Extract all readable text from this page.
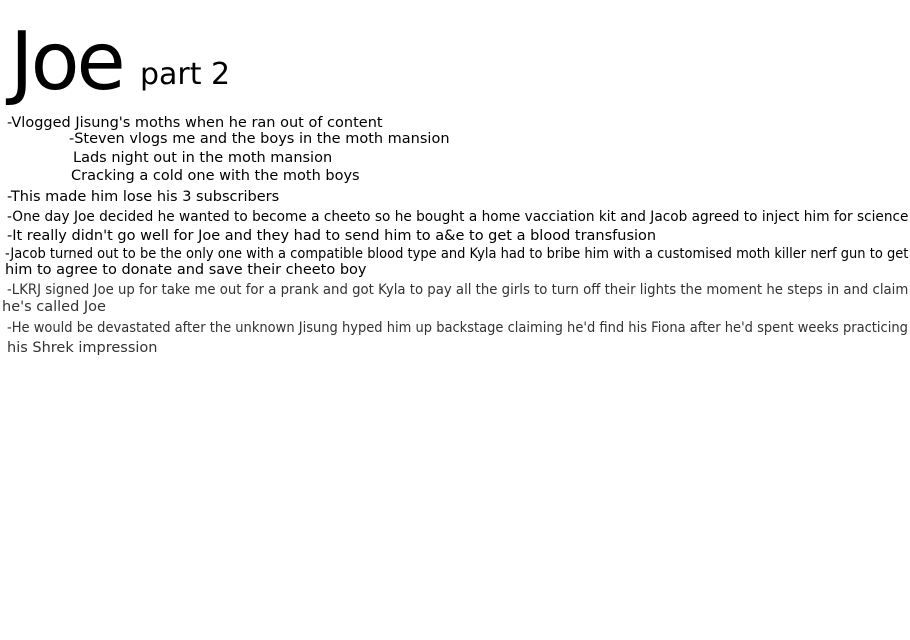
Joe part 2
-Vlogged Jisung's moths when he ran out of content
-Steven vlogs me and the boys in the moth mansion
Lads night out in the moth mansion
Cracking a cold one with the moth boys
-This made him lose his 3 subscribers
-One day Joe decided he wanted to become a cheeto so he bought a home vacciation kit and Jacob agreed to inject him for science
-It really didn't go well for Joe and they had to send him to a&e to get a blood transfusion
-Jacob turned out to be the only one with a compatible blood type and Kyla had to bribe him with a customised moth killer nerf gun to get
him to agree to donate and save their cheeto boy
-LKRJ signed Joe up for take me out for a prank and got Kyla to pay all the girls to turn off their lights the moment he steps in and claim
he's called Joe
-He would be devastated after the unknown Jisung hyped him up backstage claiming he'd find his Fiona after he'd spent weeks practicing
his Shrek impression
